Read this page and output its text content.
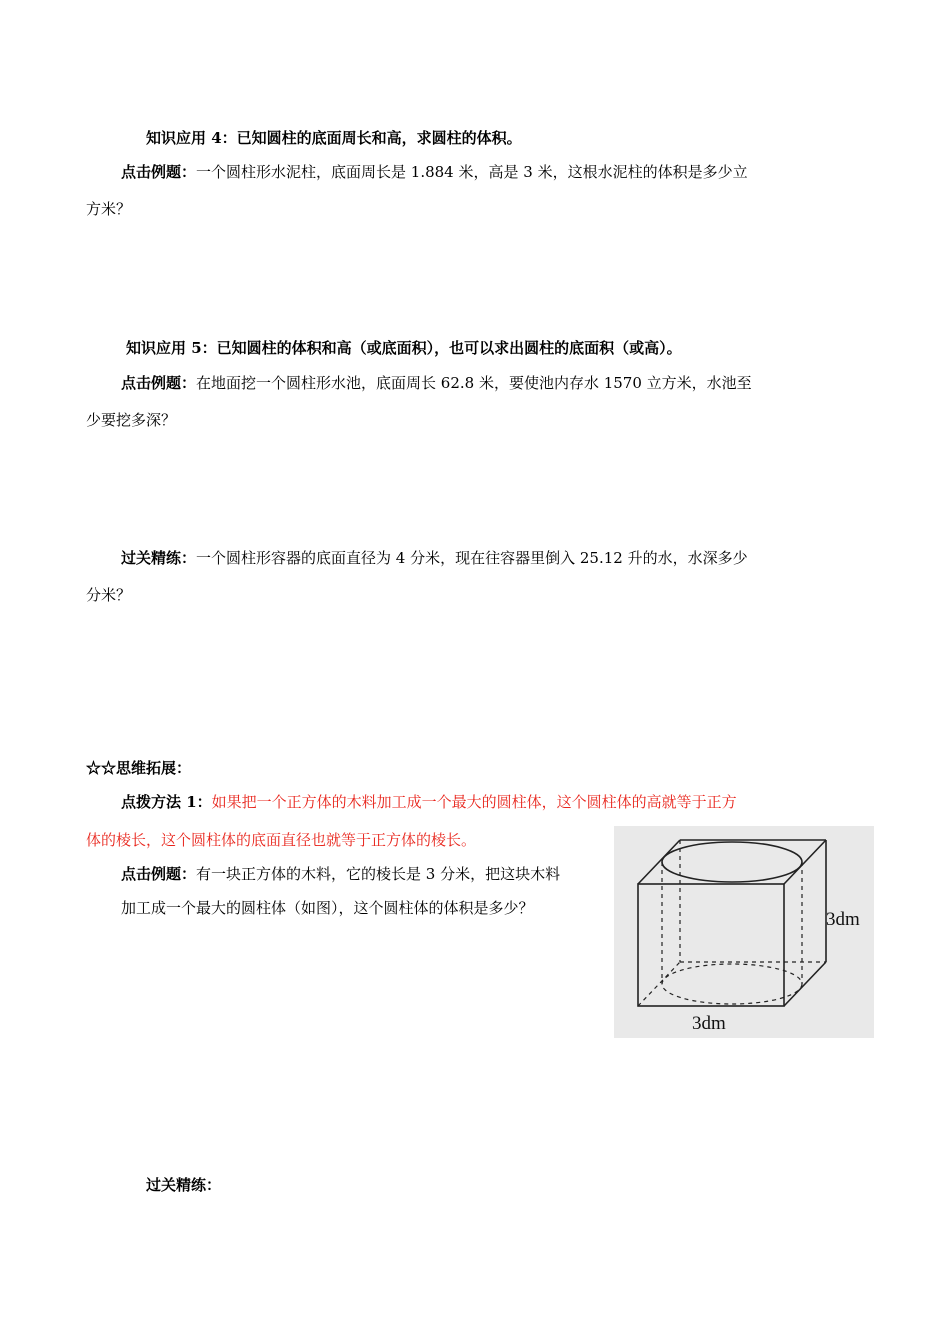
知识应用 4：已知圆柱的底面周长和高，求圆柱的体积。
点击例题：一个圆柱形水泥柱，底面周长是 1.884 米，高是 3 米，这根水泥柱的体积是多少立
方米？
知识应用 5：已知圆柱的体积和高（或底面积），也可以求出圆柱的底面积（或高）。
点击例题：在地面挖一个圆柱形水池，底面周长 62.8 米，要使池内存水 1570 立方米，水池至
少要挖多深？
过关精练：一个圆柱形容器的底面直径为 4 分米，现在往容器里倒入 25.12 升的水，水深多少
分米？
☆☆思维拓展：
点拨方法 1：如果把一个正方体的木料加工成一个最大的圆柱体，这个圆柱体的高就等于正方
体的棱长，这个圆柱体的底面直径也就等于正方体的棱长。
点击例题：有一块正方体的木料，它的棱长是 3 分米，把这块木料
加工成一个最大的圆柱体（如图），这个圆柱体的体积是多少？
3dm
3dm
过关精练：
